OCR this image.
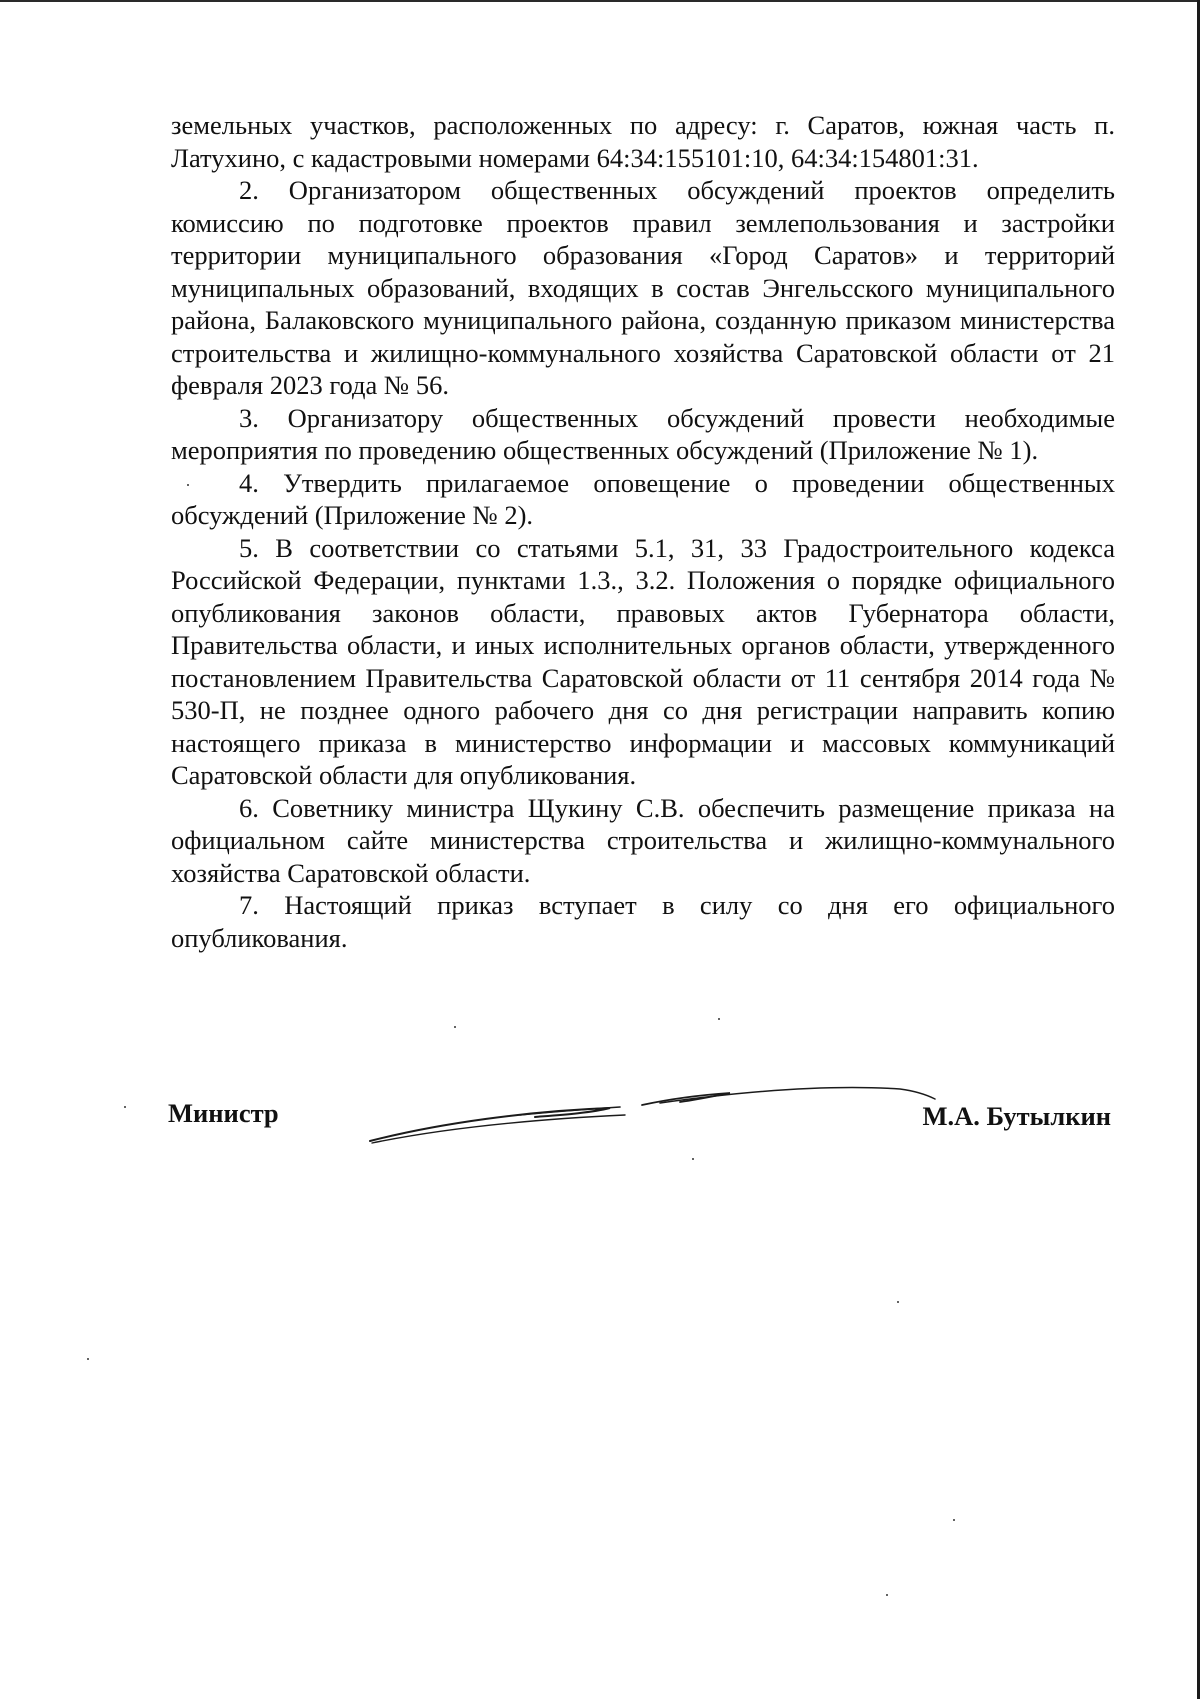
земельных участков, расположенных по адресу: г. Саратов, южная часть п. Латухино, с кадастровыми номерами 64:34:155101:10, 64:34:154801:31.

2. Организатором общественных обсуждений проектов определить комиссию по подготовке проектов правил землепользования и застройки территории муниципального образования «Город Саратов» и территорий муниципальных образований, входящих в состав Энгельсского муниципального района, Балаковского муниципального района, созданную приказом министерства строительства и жилищно-коммунального хозяйства Саратовской области от 21 февраля 2023 года № 56.

3. Организатору общественных обсуждений провести необходимые мероприятия по проведению общественных обсуждений (Приложение № 1).

4. Утвердить прилагаемое оповещение о проведении общественных обсуждений (Приложение № 2).

5. В соответствии со статьями 5.1, 31, 33 Градостроительного кодекса Российской Федерации, пунктами 1.3., 3.2. Положения о порядке официального опубликования законов области, правовых актов Губернатора области, Правительства области, и иных исполнительных органов области, утвержденного постановлением Правительства Саратовской области от 11 сентября 2014 года № 530-П, не позднее одного рабочего дня со дня регистрации направить копию настоящего приказа в министерство информации и массовых коммуникаций Саратовской области для опубликования.

6. Советнику министра Щукину С.В. обеспечить размещение приказа на официальном сайте министерства строительства и жилищно-коммунального хозяйства Саратовской области.

7. Настоящий приказ вступает в силу со дня его официального опубликования.

Министр	М.А. Бутылкин
